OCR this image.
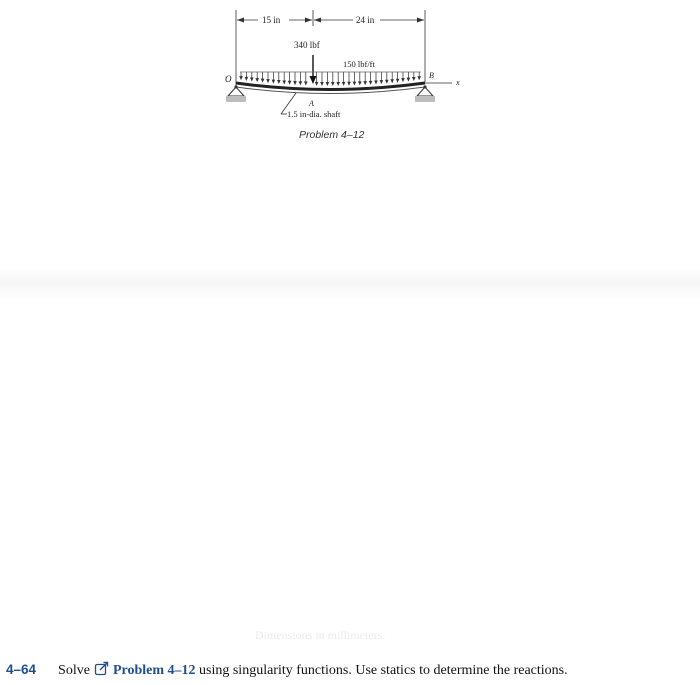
15 in	24 in
340 lbf
150 lbf/ft
x
O	B
A
1.5 in-dia. shaft
Problem 4–12
Dimensions in millimeters.
4–64 Solve Problem 4–12 using singularity functions. Use statics to determine the reactions.
